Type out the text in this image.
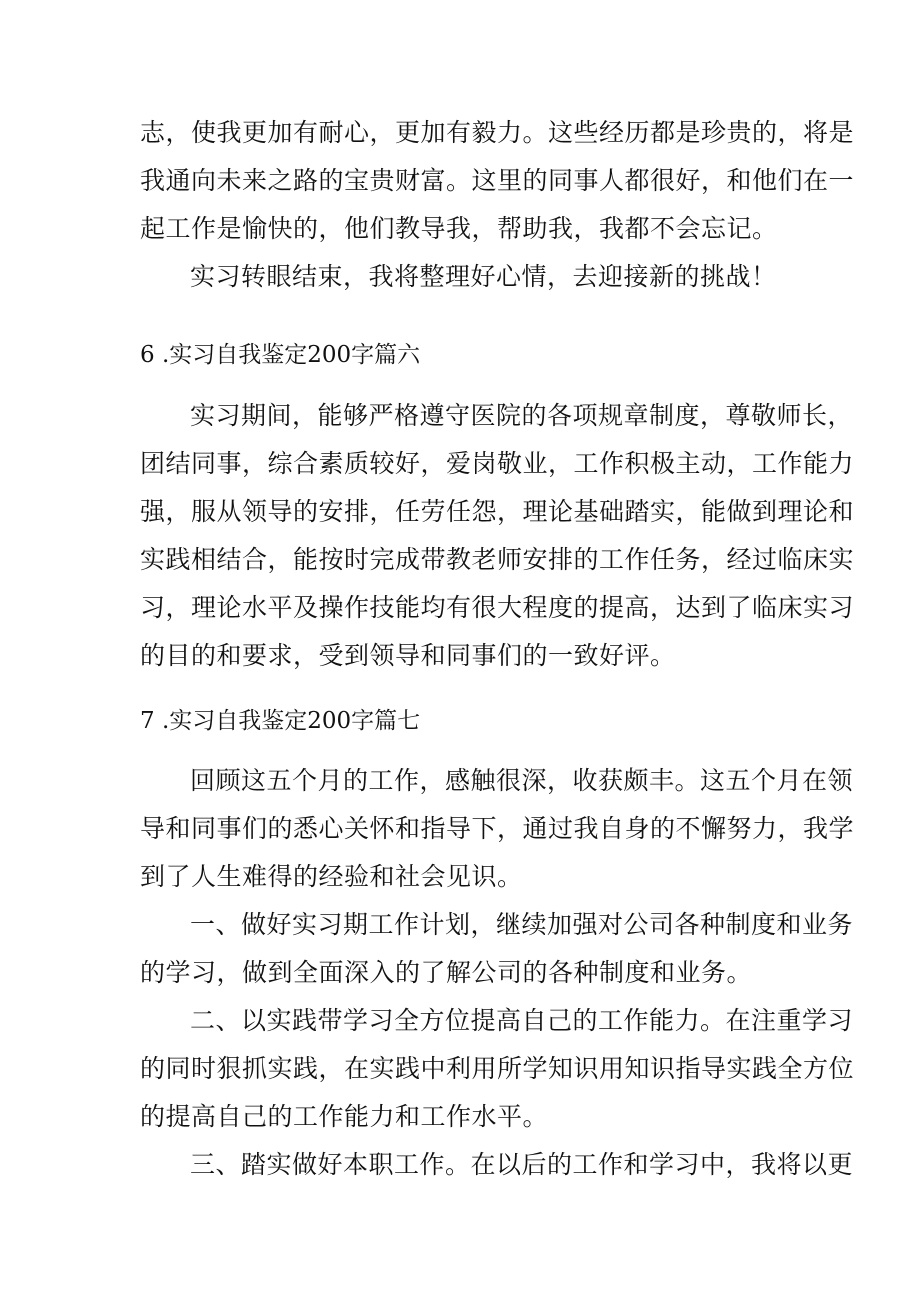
志，使我更加有耐心，更加有毅力。这些经历都是珍贵的，将是
我通向未来之路的宝贵财富。这里的同事人都很好，和他们在一
起工作是愉快的，他们教导我，帮助我，我都不会忘记。
实习转眼结束，我将整理好心情，去迎接新的挑战！
6 .实习自我鉴定200字篇六
实习期间，能够严格遵守医院的各项规章制度，尊敬师长，
团结同事，综合素质较好，爱岗敬业，工作积极主动，工作能力
强，服从领导的安排，任劳任怨，理论基础踏实，能做到理论和
实践相结合，能按时完成带教老师安排的工作任务，经过临床实
习，理论水平及操作技能均有很大程度的提高，达到了临床实习
的目的和要求，受到领导和同事们的一致好评。
7 .实习自我鉴定200字篇七
回顾这五个月的工作，感触很深，收获颇丰。这五个月在领
导和同事们的悉心关怀和指导下，通过我自身的不懈努力，我学
到了人生难得的经验和社会见识。
一、做好实习期工作计划，继续加强对公司各种制度和业务
的学习，做到全面深入的了解公司的各种制度和业务。
二、以实践带学习全方位提高自己的工作能力。在注重学习
的同时狠抓实践，在实践中利用所学知识用知识指导实践全方位
的提高自己的工作能力和工作水平。
三、踏实做好本职工作。在以后的工作和学习中，我将以更
